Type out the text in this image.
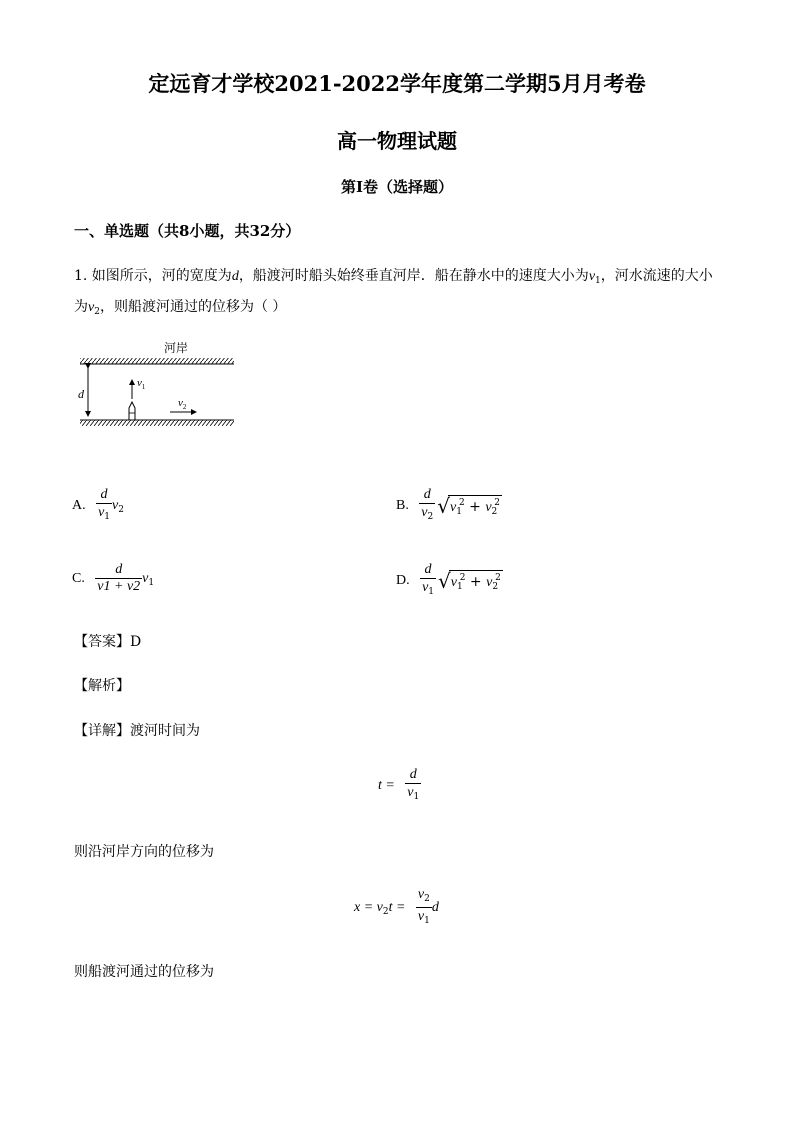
定远育才学校2021-2022学年度第二学期5月月考卷
高一物理试题
第Ⅰ卷（选择题）
一、单选题（共8小题，共32分）
1. 如图所示，河的宽度为d，船渡河时船头始终垂直河岸．船在静水中的速度大小为$v_1$，河水流速的大小
为$v_2$，则船渡河通过的位移为（ ）
河岸
d
$v_1$
$v_2$
A. $\frac{d}{v_1} v_2$	B. $\frac{d}{v_2} √v_1^2 + v_2^2$
C. $\frac{d}{v1 + v2} v_1$	D. $\frac{d}{v_1} √v_1^2 + v_2^2$
【答案】D
【解析】
【详解】渡河时间为
$t = \frac{d}{v_1}$
则沿河岸方向的位移为
$x = v_2t = \frac{v_2}{v_1}$ d
则船渡河通过的位移为
